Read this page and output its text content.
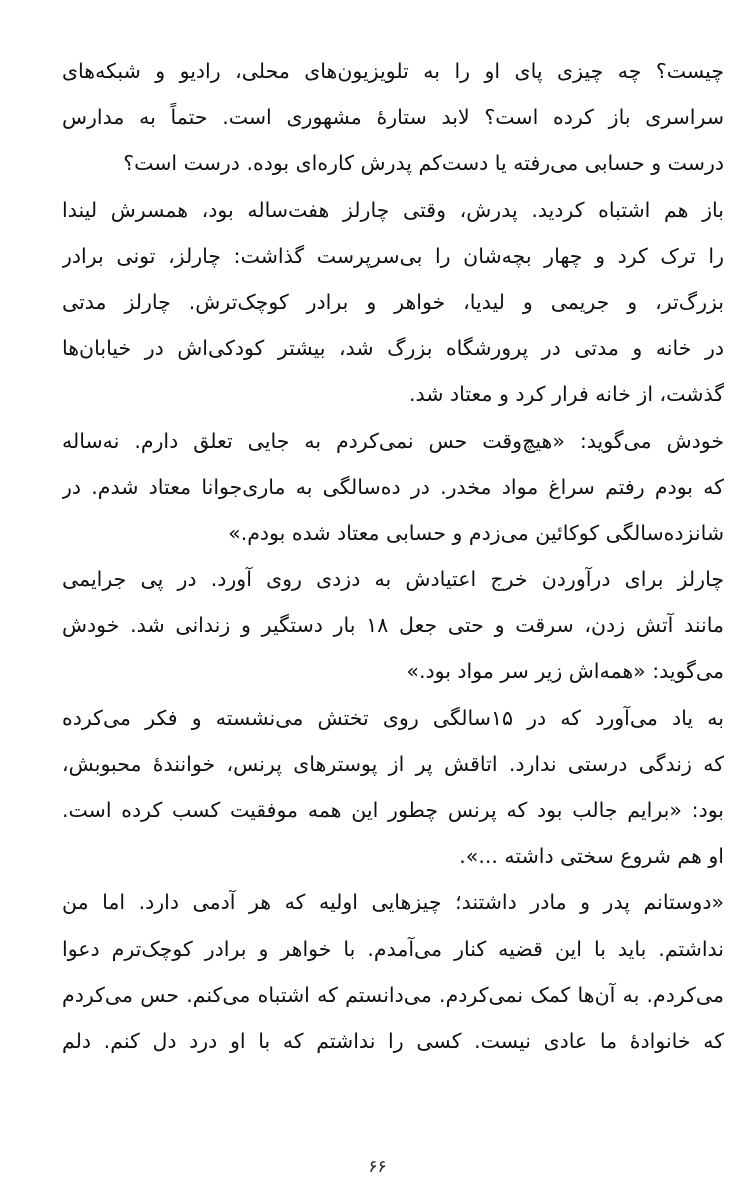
چیست؟ چه چیزی پای او را به تلویزیون‌های محلی، رادیو و شبکه‌های
سراسری باز کرده است؟ لابد ستارۀ مشهوری است. حتماً به مدارس
درست و حسابی می‌رفته یا دست‌کم پدرش کاره‌ای بوده. درست است؟
باز هم اشتباه کردید. پدرش، وقتی چارلز هفت‌ساله بود، همسرش لیندا
را ترک کرد و چهار بچه‌شان را بی‌سرپرست گذاشت: چارلز، تونی برادر
بزرگ‌تر، و جریمی و لیدیا، خواهر و برادر کوچک‌ترش. چارلز مدتی
در خانه و مدتی در پرورشگاه بزرگ شد، بیشتر کودکی‌اش در خیابان‌ها
گذشت، از خانه فرار کرد و معتاد شد.
خودش می‌گوید: «هیچ‌وقت حس نمی‌کردم به جایی تعلق دارم. نه‌ساله
که بودم رفتم سراغ مواد مخدر. در ده‌سالگی به ماری‌جوانا معتاد شدم. در
شانزده‌سالگی کوکائین می‌زدم و حسابی معتاد شده بودم.»
چارلز برای درآوردن خرج اعتیادش به دزدی روی آورد. در پی جرایمی
مانند آتش زدن، سرقت و حتی جعل ۱۸ بار دستگیر و زندانی شد. خودش
می‌گوید: «همه‌اش زیر سر مواد بود.»
به یاد می‌آورد که در ۱۵سالگی روی تختش می‌نشسته و فکر می‌کرده
که زندگی درستی ندارد. اتاقش پر از پوسترهای پرنس، خوانندۀ محبوبش،
بود: «برایم جالب بود که پرنس چطور این همه موفقیت کسب کرده است.
او هم شروع سختی داشته ...».
«دوستانم پدر و مادر داشتند؛ چیزهایی اولیه که هر آدمی دارد. اما من
نداشتم. باید با این قضیه کنار می‌آمدم. با خواهر و برادر کوچک‌ترم دعوا
می‌کردم. به آن‌ها کمک نمی‌کردم. می‌دانستم که اشتباه می‌کنم. حس می‌کردم
که خانوادۀ ما عادی نیست. کسی را نداشتم که با او درد دل کنم. دلم
۶۶
